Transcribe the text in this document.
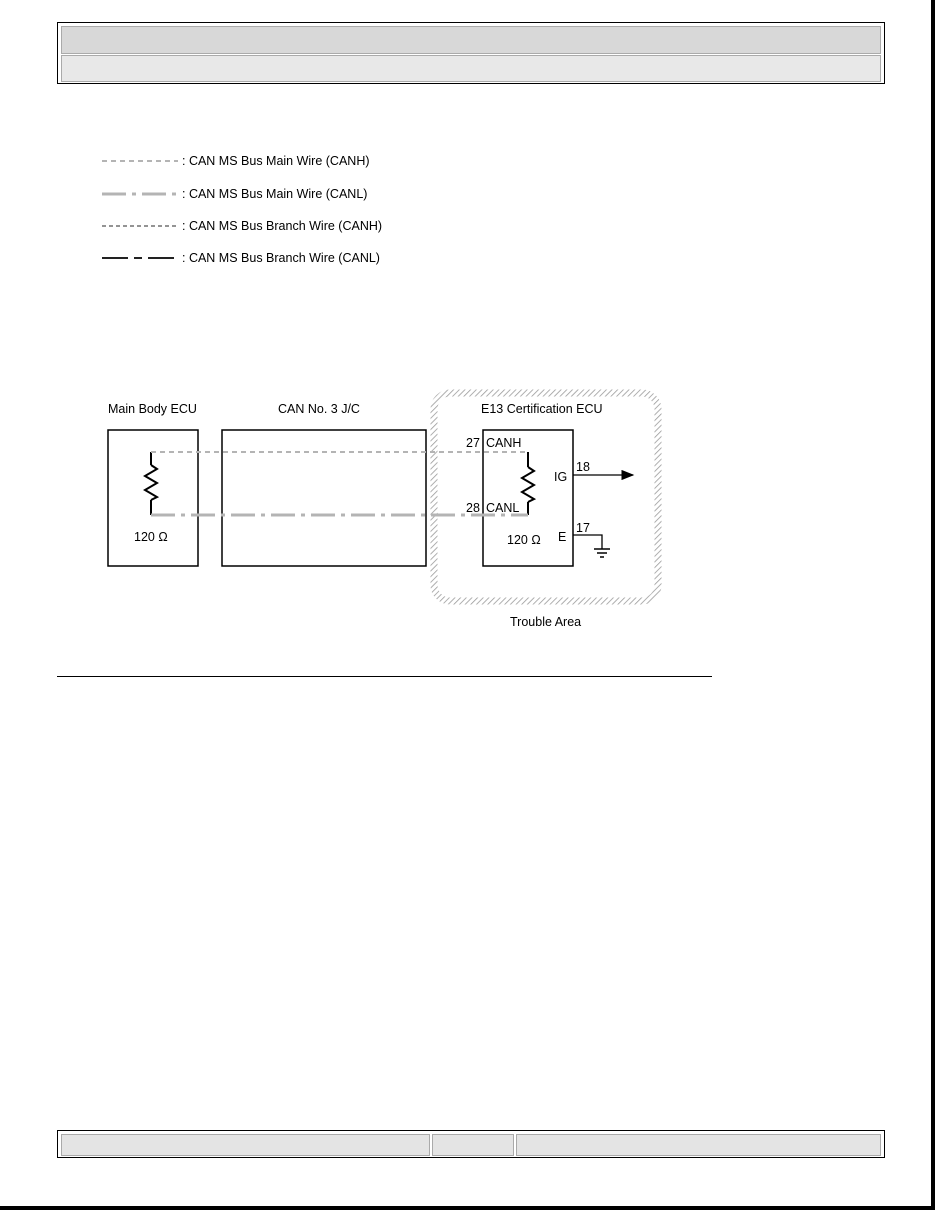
: CAN MS Bus Main Wire (CANH)
: CAN MS Bus Main Wire (CANL)
: CAN MS Bus Branch Wire (CANH)
: CAN MS Bus Branch Wire (CANL)
Main Body ECU
120 Ω
CAN No. 3 J/C	E13 Certification ECU
27 CANH
28 CANL
120 Ω
IG
E
18
17
Trouble Area
